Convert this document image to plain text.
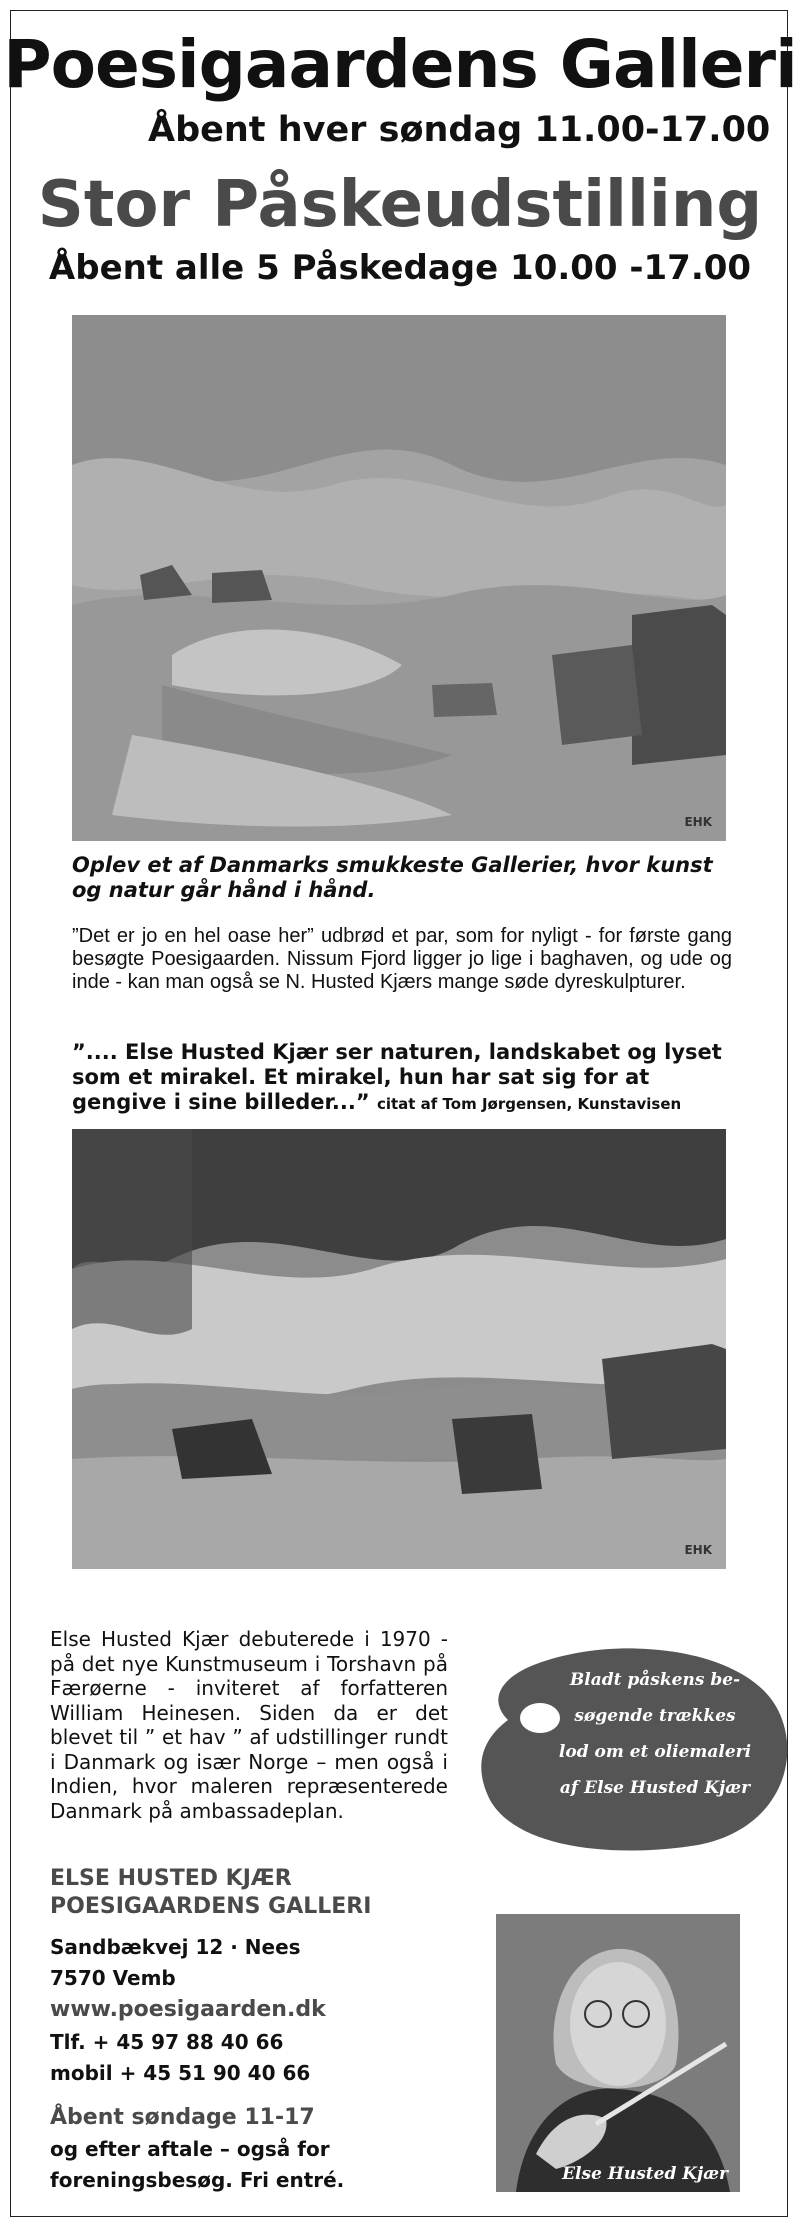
Poesigaardens Galleri
Åbent hver søndag 11.00-17.00
Stor Påskeudstilling
Åbent alle 5 Påskedage 10.00 -17.00
EHK
Oplev et af Danmarks smukkeste Gallerier, hvor kunst og natur går hånd i hånd.
”Det er jo en hel oase her” udbrød et par, som for nyligt - for første gang besøgte Poesigaarden. Nissum Fjord ligger jo lige i baghaven, og ude og inde - kan man også se N. Husted Kjærs mange søde dyreskulpturer.
”.... Else Husted Kjær ser naturen, landskabet og lyset som et mirakel. Et mirakel, hun har sat sig for at gengive i sine billeder...” citat af Tom Jørgensen, Kunstavisen
EHK
Else Husted Kjær debuterede i 1970 - på det nye Kunstmuseum i Torshavn på Færøerne - inviteret af forfatteren William Heinesen. Siden da er det blevet til ” et hav ” af udstillinger rundt i Danmark og især Norge – men også i Indien, hvor maleren repræsenterede Danmark på ambassadeplan.
Bladt påskens be-
søgende trækkes
lod om et oliemaleri
af Else Husted Kjær
ELSE HUSTED KJÆR
POESIGAARDENS GALLERI
Sandbækvej 12 · Nees
7570 Vemb
www.poesigaarden.dk
Tlf. + 45 97 88 40 66
mobil + 45 51 90 40 66
Åbent søndage 11-17
og efter aftale – også for
foreningsbesøg. Fri entré.	Else Husted Kjær
